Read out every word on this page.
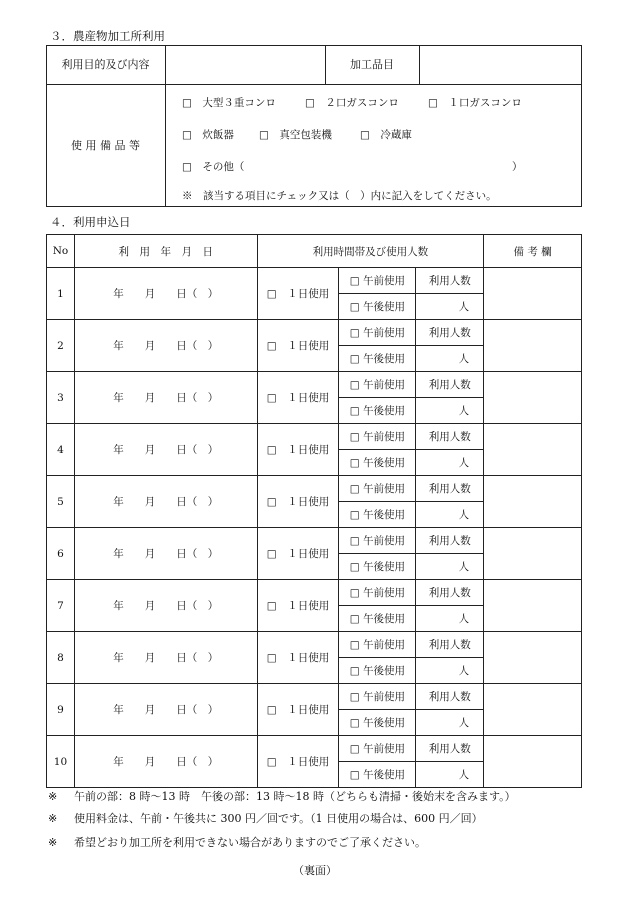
３．農産物加工所利用
利用目的及び内容	加工品目
使 用 備 品 等
□　大型３重コンロ	□　２口ガスコンロ	□　１口ガスコンロ
□　炊飯器 □　真空包装機	□　冷蔵庫
□　その他（	）
※　該当する項目にチェック又は（　）内に記入をしてください。
４．利用申込日
No	利　用　年　月　日	利用時間帯及び使用人数			備 考 欄
1	年　　月　　日（　）	□　１日使用	□ 午前使用	利用人数	
			□ 午後使用	人	
2	年　　月　　日（　）	□　１日使用	□ 午前使用	利用人数	
			□ 午後使用	人	
3	年　　月　　日（　）	□　１日使用	□ 午前使用	利用人数	
			□ 午後使用	人	
4	年　　月　　日（　）	□　１日使用	□ 午前使用	利用人数	
			□ 午後使用	人	
5	年　　月　　日（　）	□　１日使用	□ 午前使用	利用人数	
			□ 午後使用	人	
6	年　　月　　日（　）	□　１日使用	□ 午前使用	利用人数	
			□ 午後使用	人	
7	年　　月　　日（　）	□　１日使用	□ 午前使用	利用人数	
			□ 午後使用	人	
8	年　　月　　日（　）	□　１日使用	□ 午前使用	利用人数	
			□ 午後使用	人	
9	年　　月　　日（　）	□　１日使用	□ 午前使用	利用人数	
			□ 午後使用	人	
10	年　　月　　日（　）	□　１日使用	□ 午前使用	利用人数	
			□ 午後使用	人	
※ 午前の部：8 時〜13 時　午後の部：13 時〜18 時（どちらも清掃・後始末を含みます。）
※ 使用料金は、午前・午後共に 300 円／回です。（1 日使用の場合は、600 円／回）
※ 希望どおり加工所を利用できない場合がありますのでご了承ください。
（裏面）
